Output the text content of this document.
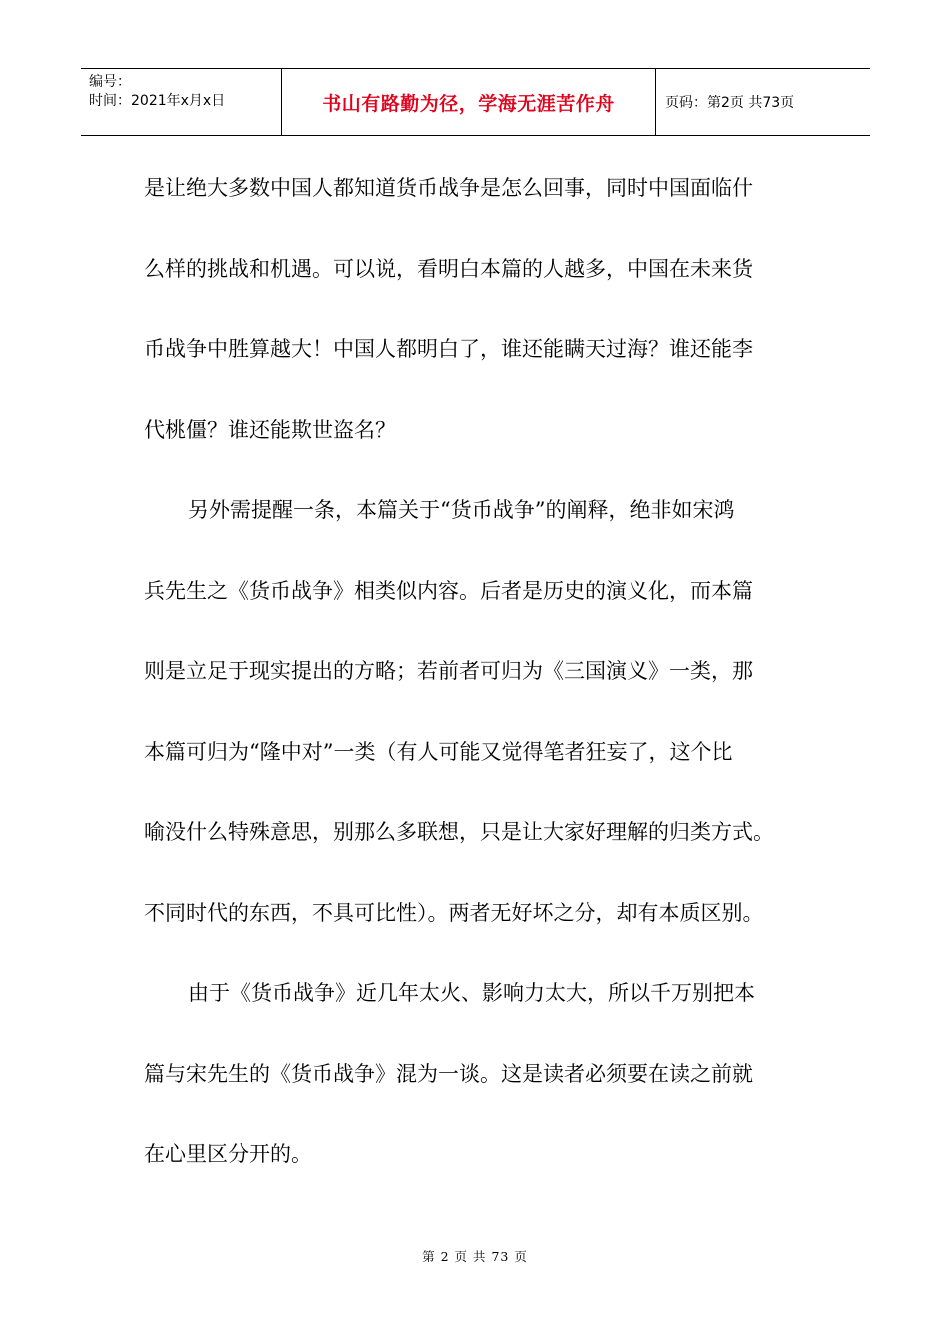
编号：
时间：2021年x月x日	书山有路勤为径，学海无涯苦作舟	页码：第2页 共73页
是让绝大多数中国人都知道货币战争是怎么回事，同时中国面临什
么样的挑战和机遇。可以说，看明白本篇的人越多，中国在未来货
币战争中胜算越大！中国人都明白了，谁还能瞒天过海？谁还能李
代桃僵？谁还能欺世盗名？
另外需提醒一条，本篇关于“货币战争”的阐释，绝非如宋鸿
兵先生之《货币战争》相类似内容。后者是历史的演义化，而本篇
则是立足于现实提出的方略；若前者可归为《三国演义》一类，那
本篇可归为“隆中对”一类（有人可能又觉得笔者狂妄了，这个比
喻没什么特殊意思，别那么多联想，只是让大家好理解的归类方式。
不同时代的东西，不具可比性）。两者无好坏之分，却有本质区别。
由于《货币战争》近几年太火、影响力太大，所以千万别把本
篇与宋先生的《货币战争》混为一谈。这是读者必须要在读之前就
在心里区分开的。
第 2 页 共 73 页
